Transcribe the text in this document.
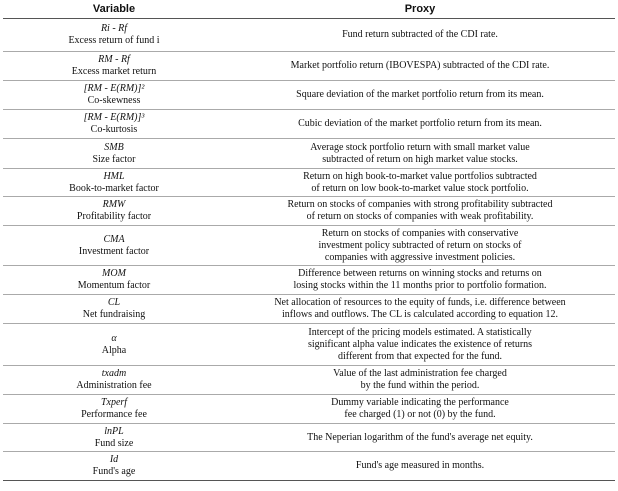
Variable	Proxy

Ri - Rf
Excess return of fund i	Fund return subtracted of the CDI rate.

RM - Rf
Excess market return	Market portfolio return (IBOVESPA) subtracted of the CDI rate.

[RM - E(RM)]²
Co-skewness	Square deviation of the market portfolio return from its mean.

[RM - E(RM)]³
Co-kurtosis	Cubic deviation of the market portfolio return from its mean.

SMB
Size factor	Average stock portfolio return with small market value
subtracted of return on high market value stocks.

HML
Book-to-market factor	Return on high book-to-market value portfolios subtracted
of return on low book-to-market value stock portfolio.

RMW
Profitability factor	Return on stocks of companies with strong profitability subtracted
of return on stocks of companies with weak profitability.

CMA
Investment factor	Return on stocks of companies with conservative
investment policy subtracted of return on stocks of
companies with aggressive investment policies.

MOM
Momentum factor	Difference between returns on winning stocks and returns on
losing stocks within the 11 months prior to portfolio formation.

CL
Net fundraising	Net allocation of resources to the equity of funds, i.e. difference between
inflows and outflows. The CL is calculated according to equation 12.

α
Alpha	Intercept of the pricing models estimated. A statistically
significant alpha value indicates the existence of returns
different from that expected for the fund.

txadm
Administration fee	Value of the last administration fee charged
by the fund within the period.

Txperf
Performance fee	Dummy variable indicating the performance
fee charged (1) or not (0) by the fund.

lnPL
Fund size	The Neperian logarithm of the fund's average net equity.

Id
Fund's age	Fund's age measured in months.
